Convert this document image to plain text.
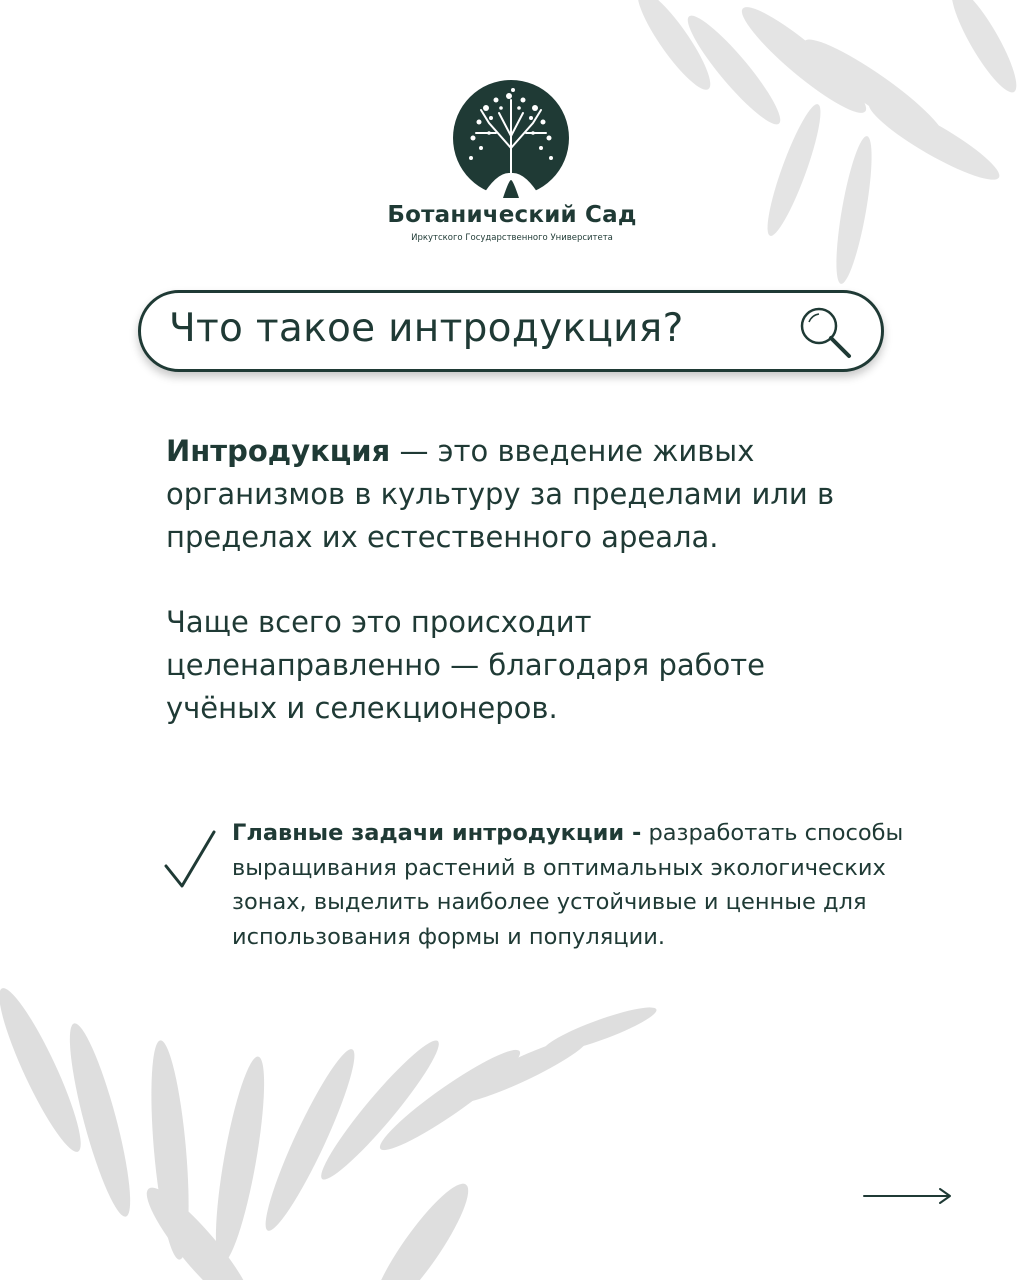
Ботанический Сад
Иркутского Государственного Университета
Что такое интродукция?

Интродукция — это введение живых организмов в культуру за пределами или в пределах их естественного ареала.

Чаще всего это происходит целенаправленно — благодаря работе учёных и селекционеров.

Главные задачи интродукции - разработать способы выращивания растений в оптимальных экологических зонах, выделить наиболее устойчивые и ценные для использования формы и популяции.
